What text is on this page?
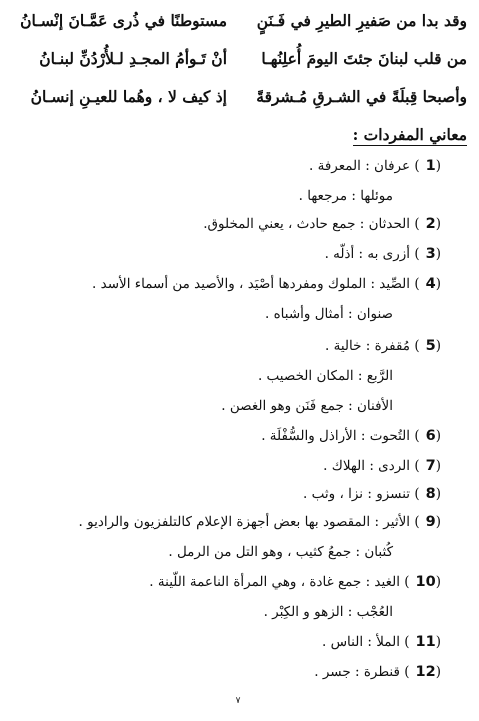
وقد بدا من صَفيرِ الطيرِ في فَـنَنٍ
مستوطنًا في ذُرى عَمَّـانَ إنْسـانُ
من قلب لبنانَ جئتَ اليومَ أُعلِنُهـا
أنْ تَـوأمُ المجـدِ لـلأُرْدُنِّ لبنـانُ
وأصبحا قِبلَةً في الشـرقِ مُـشرقةً
إذ كيف لا ، وهُما للعيـنِ إنسـانُ
معاني المفردات :
(1) عرفان : المعرفة .
موئلها : مرجعها .
(2) الحدثان : جمع حادث ، يعني المخلوق.
(3) أزرى به : أذلّه .
(4) الصِّيد : الملوك ومفردها أصْيَد ، والأصيد من أسماء الأسد .
صنوان : أمثال وأشباه .
(5) مُقفرة : خالية .
الرَّبع : المكان الخصيب .
الأفنان : جمع فَنَن وهو الغصن .
(6) التُحوت : الأراذل والسُّفْلَة .
(7) الردى : الهلاك .
(8) تنسزو : نزا ، وثب .
(9) الأثير : المقصود بها بعض أجهزة الإعلام كالتلفزيون والراديو .
كُثبان : جمعُ كثيب ، وهو التل من الرمل .
(10) الغيد : جمع غادة ، وهي المرأة الناعمة اللّينة .
العُجْب : الزهو و الكِبْر .
(11) الملأ : الناس .
(12) قنطرة : جسر .
٧
